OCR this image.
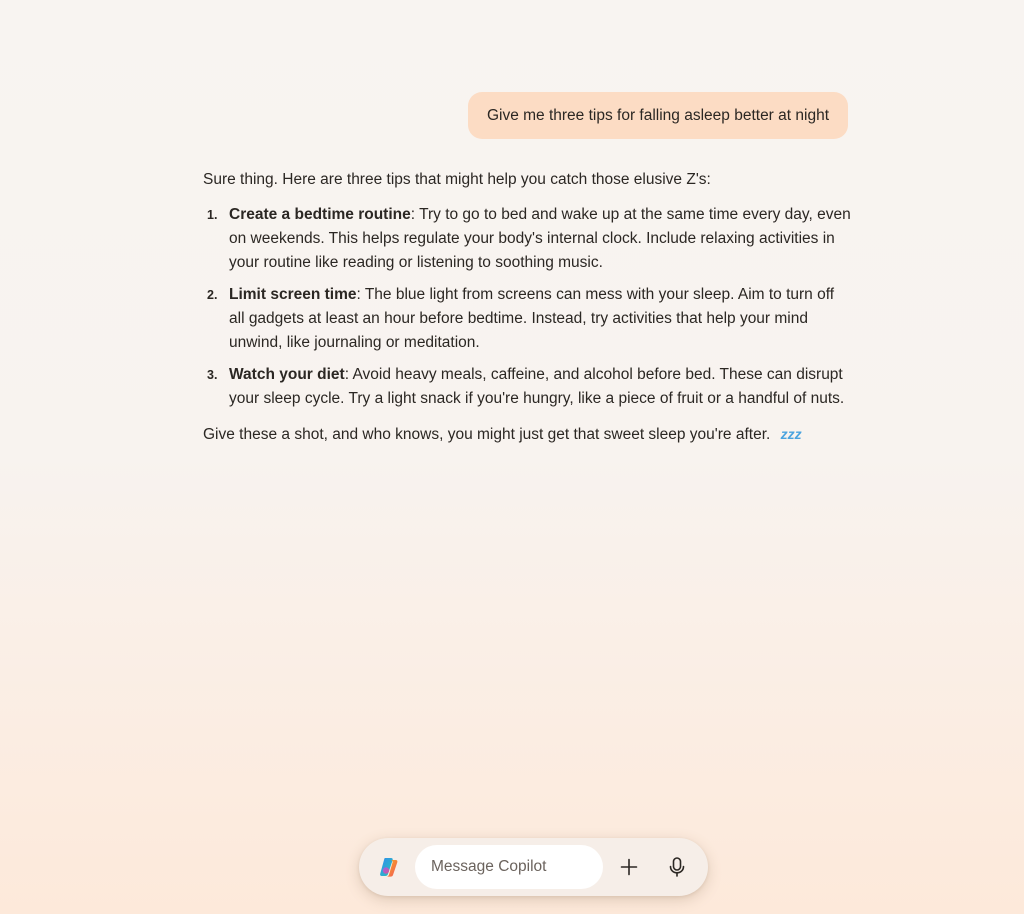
Give me three tips for falling asleep better at night

Sure thing. Here are three tips that might help you catch those elusive Z's:

1. Create a bedtime routine: Try to go to bed and wake up at the same time every day, even on weekends. This helps regulate your body's internal clock. Include relaxing activities in your routine like reading or listening to soothing music.
2. Limit screen time: The blue light from screens can mess with your sleep. Aim to turn off all gadgets at least an hour before bedtime. Instead, try activities that help your mind unwind, like journaling or meditation.
3. Watch your diet: Avoid heavy meals, caffeine, and alcohol before bed. These can disrupt your sleep cycle. Try a light snack if you're hungry, like a piece of fruit or a handful of nuts.

Give these a shot, and who knows, you might just get that sweet sleep you're after. zzz

Message Copilot
